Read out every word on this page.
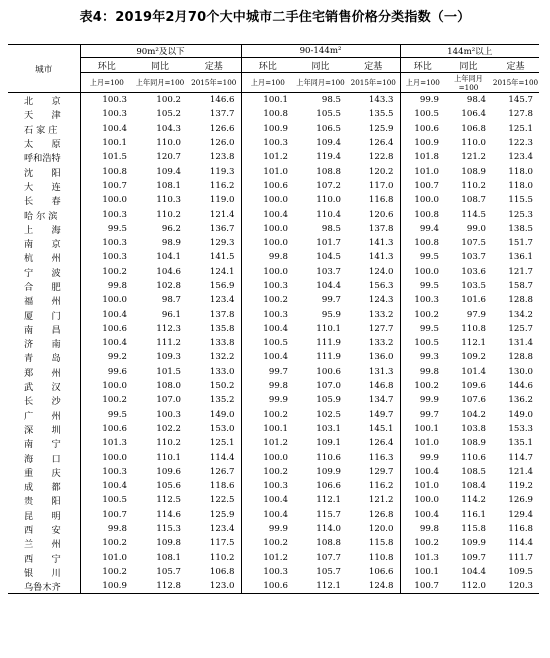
表4：2019年2月70个大中城市二手住宅销售价格分类指数（一）
城市	90m²及以下			90-144m²			144m²以上		
	环比	同比	定基	环比	同比	定基	环比	同比	定基
	上月=100	上年同月=100	2015年=100	上月=100	上年同月=100	2015年=100	上月=100	上年同月=100	2015年=100
北　　京	100.3	100.2	146.6	100.1	98.5	143.3	99.9	98.4	145.7
天　　津	100.3	105.2	137.7	100.8	105.5	135.5	100.5	106.4	127.8
石 家 庄	100.4	104.3	126.6	100.9	106.5	125.9	100.6	106.8	125.1
太　　原	100.1	110.0	126.0	100.3	109.4	126.4	100.9	110.0	122.3
呼和浩特	101.5	120.7	123.8	101.2	119.4	122.8	101.8	121.2	123.4
沈　　阳	100.8	109.4	119.3	101.0	108.8	120.2	101.0	108.9	118.0
大　　连	100.7	108.1	116.2	100.6	107.2	117.0	100.7	110.2	118.0
长　　春	100.0	110.3	119.0	100.0	110.0	116.8	100.0	108.7	115.5
哈 尔 滨	100.3	110.2	121.4	100.4	110.4	120.6	100.8	114.5	125.3
上　　海	99.5	96.2	136.7	100.0	98.5	137.8	99.4	99.0	138.5
南　　京	100.3	98.9	129.3	100.0	101.7	141.3	100.8	107.5	151.7
杭　　州	100.3	104.1	141.5	99.8	104.5	141.3	99.5	103.7	136.1
宁　　波	100.2	104.6	124.1	100.0	103.7	124.0	100.0	103.6	121.7
合　　肥	99.8	102.8	156.9	100.3	104.4	156.3	99.5	103.5	158.7
福　　州	100.0	98.7	123.4	100.2	99.7	124.3	100.3	101.6	128.8
厦　　门	100.4	96.1	137.8	100.3	95.9	133.2	100.2	97.9	134.2
南　　昌	100.6	112.3	135.8	100.4	110.1	127.7	99.5	110.8	125.7
济　　南	100.4	111.2	133.8	100.5	111.9	133.2	100.5	112.1	131.4
青　　岛	99.2	109.3	132.2	100.4	111.9	136.0	99.3	109.2	128.8
郑　　州	99.6	101.5	133.0	99.7	100.6	131.3	99.8	101.4	130.0
武　　汉	100.0	108.0	150.2	99.8	107.0	146.8	100.2	109.6	144.6
长　　沙	100.2	107.0	135.2	99.9	105.9	134.7	99.9	107.6	136.2
广　　州	99.5	100.3	149.0	100.2	102.5	149.7	99.7	104.2	149.0
深　　圳	100.6	102.2	153.0	100.1	103.1	145.1	100.1	103.8	153.3
南　　宁	101.3	110.2	125.1	101.2	109.1	126.4	101.0	108.9	135.1
海　　口	100.0	110.1	114.4	100.0	110.6	116.3	99.9	110.6	114.7
重　　庆	100.3	109.6	126.7	100.2	109.9	129.7	100.4	108.5	121.4
成　　都	100.4	105.6	118.6	100.3	106.6	116.2	101.0	108.4	119.2
贵　　阳	100.5	112.5	122.5	100.4	112.1	121.2	100.0	114.2	126.9
昆　　明	100.7	114.6	125.9	100.4	115.7	126.8	100.4	116.1	129.4
西　　安	99.8	115.3	123.4	99.9	114.0	120.0	99.8	115.8	116.8
兰　　州	100.2	109.8	117.5	100.2	108.8	115.8	100.2	109.9	114.4
西　　宁	101.0	108.1	110.2	101.2	107.7	110.8	101.3	109.7	111.7
银　　川	100.2	105.7	106.8	100.3	105.7	106.6	100.1	104.4	109.5
乌鲁木齐	100.9	112.8	123.0	100.6	112.1	124.8	100.7	112.0	120.3
